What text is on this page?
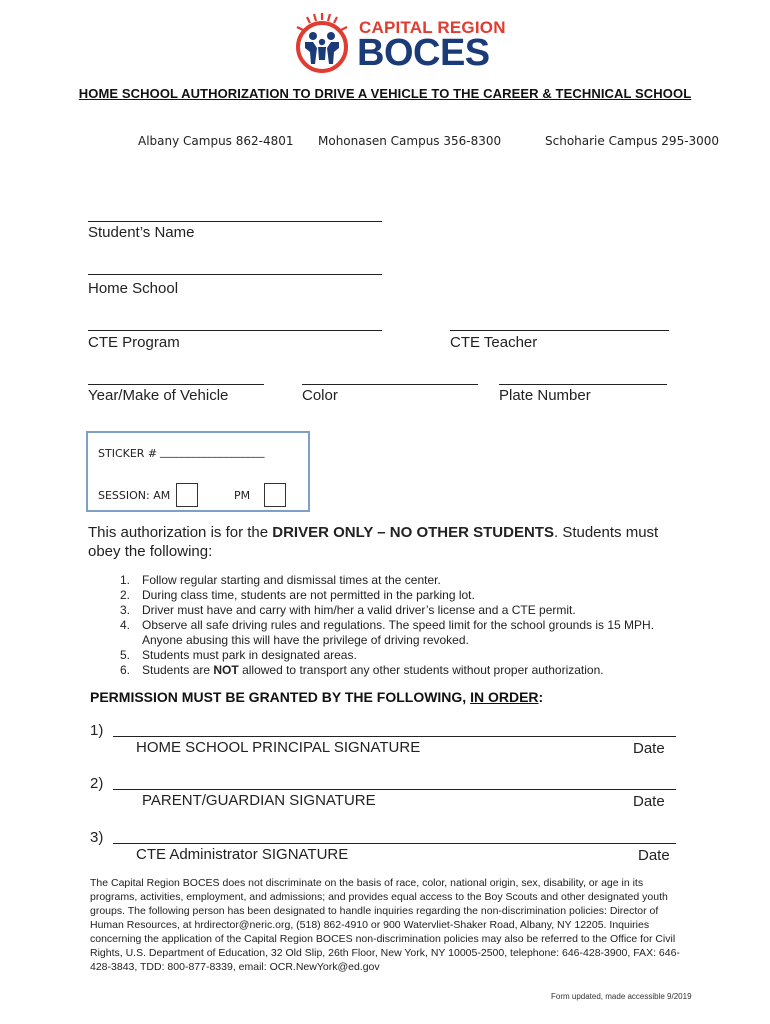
CAPITAL REGION
BOCES
HOME SCHOOL AUTHORIZATION TO DRIVE A VEHICLE TO THE CAREER & TECHNICAL SCHOOL
Albany Campus 862-4801 Mohonasen Campus 356-8300	Schoharie Campus 295-3000
Student’s Name
Home School
CTE Program	CTE Teacher
Year/Make of Vehicle	Color	Plate Number
STICKER # ___________________
SESSION: AM	PM
This authorization is for the DRIVER ONLY – NO OTHER STUDENTS. Students must obey the following:
1. Follow regular starting and dismissal times at the center.
2. During class time, students are not permitted in the parking lot.
3. Driver must have and carry with him/her a valid driver’s license and a CTE permit.
4. Observe all safe driving rules and regulations. The speed limit for the school grounds is 15 MPH. Anyone abusing this will have the privilege of driving revoked.
5. Students must park in designated areas.
6. Students are NOT allowed to transport any other students without proper authorization.
PERMISSION MUST BE GRANTED BY THE FOLLOWING, IN ORDER:
1)
HOME SCHOOL PRINCIPAL SIGNATURE	Date
2)
PARENT/GUARDIAN SIGNATURE	Date
3)
CTE Administrator SIGNATURE	Date
The Capital Region BOCES does not discriminate on the basis of race, color, national origin, sex, disability, or age in its programs, activities, employment, and admissions; and provides equal access to the Boy Scouts and other designated youth groups. The following person has been designated to handle inquiries regarding the non-discrimination policies: Director of Human Resources, at hrdirector@neric.org, (518) 862-4910 or 900 Watervliet-Shaker Road, Albany, NY 12205. Inquiries concerning the application of the Capital Region BOCES non-discrimination policies may also be referred to the Office for Civil Rights, U.S. Department of Education, 32 Old Slip, 26th Floor, New York, NY 10005-2500, telephone: 646-428-3900, FAX: 646-428-3843, TDD: 800-877-8339, email: OCR.NewYork@ed.gov
Form updated, made accessible 9/2019
